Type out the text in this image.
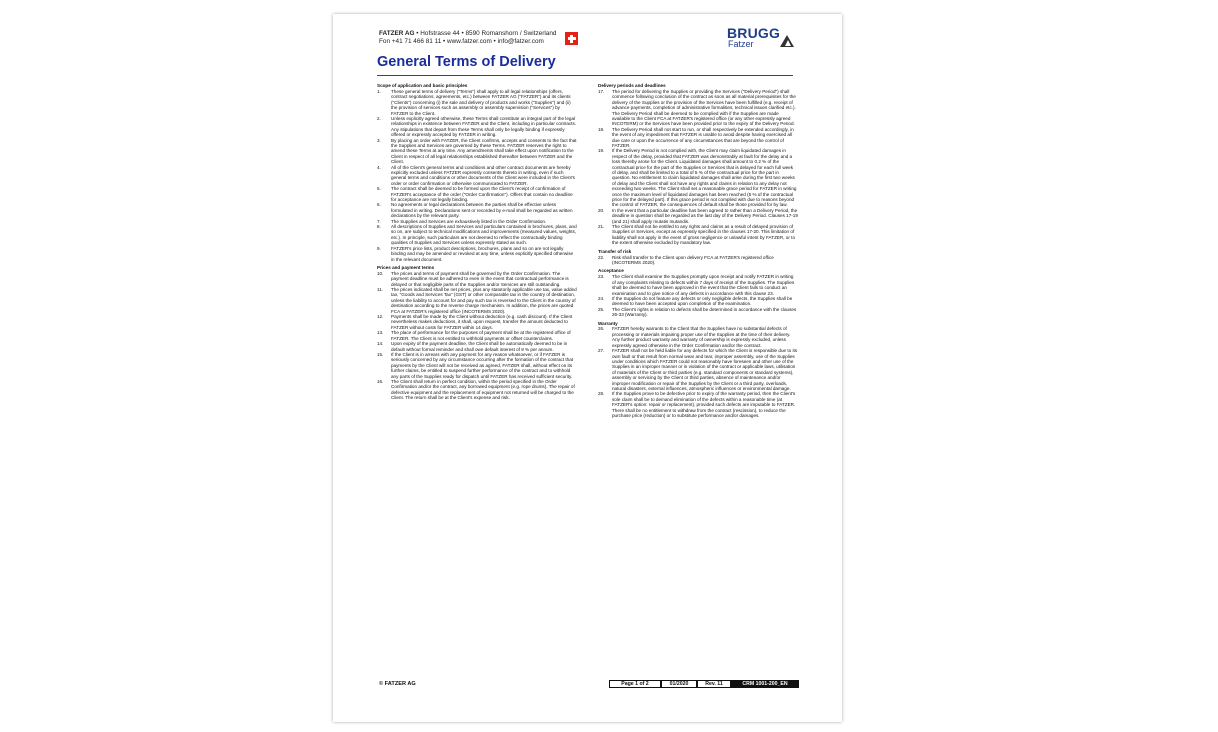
FATZER AG • Hofstrasse 44 • 8590 Romanshorn / Switzerland
Fon +41 71 466 81 11 • www.fatzer.com • info@fatzer.com
BRUGG
Fatzer
General Terms of Delivery
Scope of application and basic principles
1.	These general terms of delivery ("Terms") shall apply to all legal relationships (offers, contract negotiations, agreements, etc.) between FATZER AG ("FATZER") and its clients ("Clients") concerning (i) the sale and delivery of products and works ("Supplies") and (ii) the provision of services such as assembly or assembly supervision ("Services") by FATZER to the Client.
2.	Unless explicitly agreed otherwise, these Terms shall constitute an integral part of the legal relationships in existence between FATZER and the Client, including in particular contracts. Any stipulations that depart from these Terms shall only be legally binding if expressly offered or expressly accepted by FATZER in writing.
3.	By placing an order with FATZER, the Client confirms, accepts and consents to the fact that the Supplies and Services are governed by these Terms. FATZER reserves the right to amend these Terms at any time. Any amendments shall take effect upon notification to the Client in respect of all legal relationships established thereafter between FATZER and the Client.
4.	All of the Client's general terms and conditions and other contract documents are hereby explicitly excluded unless FATZER expressly consents thereto in writing, even if such general terms and conditions or other documents of the Client were included in the Client's order or order confirmation or otherwise communicated to FATZER.
5.	The contract shall be deemed to be formed upon the Client's receipt of confirmation of FATZER's acceptance of the order ("Order Confirmation"). Offers that contain no deadline for acceptance are not legally binding.
6.	No agreements or legal declarations between the parties shall be effective unless formulated in writing. Declarations sent or recorded by e-mail shall be regarded as written declarations by the relevant party.
7.	The Supplies and Services are exhaustively listed in the Order Confirmation.
8.	All descriptions of Supplies and Services and particulars contained in brochures, plans, and so on, are subject to technical modifications and improvements (measured values, weights, etc.). In principle, such particulars are not deemed to reflect the contractually binding qualities of Supplies and Services unless expressly stated as such.
9.	FATZER's price lists, product descriptions, brochures, plans and so on are not legally binding and may be amended or revoked at any time, unless explicitly specified otherwise in the relevant document.
Prices and payment terms
10.	The prices and terms of payment shall be governed by the Order Confirmation. The payment deadline must be adhered to even in the event that contractual performance is delayed or that negligible parts of the Supplies and/or Services are still outstanding.
11.	The prices indicated shall be net prices, plus any statutorily applicable use tax, value added tax, "Goods and Services Tax" (GST) or other comparable tax in the country of destination, unless the liability to account for and pay such tax is reversed to the Client in the country of destination according to the reverse charge mechanism. In addition, the prices are quoted FCA at FATZER's registered office (INCOTERMS 2020).
12.	Payments shall be made by the Client without deduction (e.g. cash discount). If the Client nevertheless makes deductions, it shall, upon request, transfer the amount deducted to FATZER without costs for FATZER within 14 days.
13.	The place of performance for the purposes of payment shall be at the registered office of FATZER. The Client is not entitled to withhold payments or offset counterclaims.
14.	Upon expiry of the payment deadline, the Client shall be automatically deemed to be in default without formal reminder and shall owe default interest of 8 % per annum.
15.	If the Client is in arrears with any payment for any reason whatsoever, or if FATZER is seriously concerned by any circumstance occurring after the formation of the contract that payments by the Client will not be received as agreed, FATZER shall, without effect on its further claims, be entitled to suspend further performance of the contract and to withhold any parts of the Supplies ready for dispatch until FATZER has received sufficient security.
16.	The Client shall return in perfect condition, within the period specified in the Order Confirmation and/or the contract, any borrowed equipment (e.g. rope drums). The repair of defective equipment and the replacement of equipment not returned will be charged to the Client. The return shall be at the Client's expense and risk.
Delivery periods and deadlines
17.	The period for delivering the Supplies or providing the Services ("Delivery Period") shall commence following conclusion of the contract as soon as all material prerequisites for the delivery of the Supplies or the provision of the Services have been fulfilled (e.g. receipt of advance payments, completion of administrative formalities, technical issues clarified etc.). The Delivery Period shall be deemed to be complied with if the Supplies are made available to the Client FCA at FATZER's registered office (or any other expressly agreed INCOTERM) or the Services have been provided prior to the expiry of the Delivery Period.
18.	The Delivery Period shall not start to run, or shall respectively be extended accordingly, in the event of any impediment that FATZER is unable to avoid despite having exercised all due care or upon the occurrence of any circumstances that are beyond the control of FATZER.
19.	If the Delivery Period is not complied with, the Client may claim liquidated damages in respect of the delay, provided that FATZER was demonstrably at fault for the delay and a loss thereby arose for the Client. Liquidated damages shall amount to 0.2 % of the contractual price for the part of the Supplies or Services that is delayed for each full week of delay, and shall be limited to a total of 5 % of the contractual price for the part in question. No entitlement to claim liquidated damages shall arise during the first two weeks of delay and the Client shall not have any rights and claims in relation to any delay not exceeding two weeks. The Client shall set a reasonable grace period for FATZER in writing once the maximum level of liquidated damages has been reached (5 % of the contractual price for the delayed part). If this grace period is not complied with due to reasons beyond the control of FATZER, the consequences of default shall be those provided for by law.
20.	In the event that a particular deadline has been agreed to rather than a Delivery Period, the deadline in question shall be regarded as the last day of the Delivery Period. Clauses 17-19 (and 21) shall apply mutatis mutandis.
21.	The Client shall not be entitled to any rights and claims as a result of delayed provision of Supplies or Services, except as expressly specified in the clauses 17-20. This limitation of liability shall not apply in the event of gross negligence or unlawful intent by FATZER, or to the extent otherwise excluded by mandatory law.
Transfer of risk
22.	Risk shall transfer to the Client upon delivery FCA at FATZER's registered office (INCOTERMS 2020).
Acceptance
23.	The Client shall examine the Supplies promptly upon receipt and notify FATZER in writing of any complaints relating to defects within 7 days of receipt of the Supplies. The Supplies shall be deemed to have been approved in the event that the Client fails to conduct an examination and to give notice of any defects in accordance with this clause 23.
24.	If the Supplies do not feature any defects or only negligible defects, the Supplies shall be deemed to have been accepted upon completion of the examination.
25.	The Client's rights in relation to defects shall be determined in accordance with the clauses 26-33 (Warranty).
Warranty
26.	FATZER hereby warrants to the Client that the Supplies have no substantial defects of processing or materials impairing proper use of the Supplies at the time of their delivery. Any further product warranty and warranty of ownership is expressly excluded, unless expressly agreed otherwise in the Order Confirmation and/or the contract.
27.	FATZER shall not be held liable for any defects for which the Client is responsible due to its own fault or that result from normal wear and tear, improper assembly, use of the Supplies under conditions which FATZER could not reasonably have foreseen and other use of the Supplies in an improper manner or in violation of the contract or applicable laws, utilisation of materials of the Client or third parties (e.g. standard components or standard systems), assembly or servicing by the Client or third parties, absence of maintenance and/or improper modification or repair of the Supplies by the Client or a third party, overloads, natural disasters, external influences, atmospheric influences or environmental damage.
28.	If the Supplies prove to be defective prior to expiry of the warranty period, then the Client's sole claim shall be to demand elimination of the defects within a reasonable time (at FATZER's option: repair or replacement), provided such defects are imputable to FATZER. There shall be no entitlement to withdraw from the contract (rescission), to reduce the purchase price (reduction) or to substitute performance and/or damages.
© FATZER AG	Page 1 of 2	01/2020	Rev. 11	CRM 1001-200_EN
